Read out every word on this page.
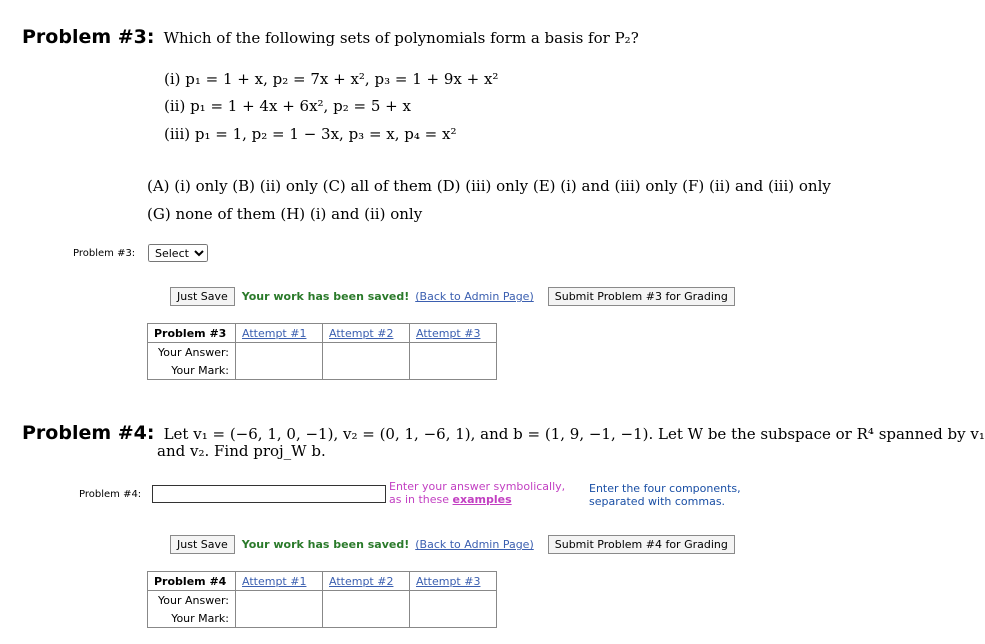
Problem #3: Which of the following sets of polynomials form a basis for P₂?
(i) p₁ = 1 + x, p₂ = 7x + x², p₃ = 1 + 9x + x²
(ii) p₁ = 1 + 4x + 6x², p₂ = 5 + x
(iii) p₁ = 1, p₂ = 1 − 3x, p₃ = x, p₄ = x²
(A) (i) only (B) (ii) only (C) all of them (D) (iii) only (E) (i) and (iii) only (F) (ii) and (iii) only
(G) none of them (H) (i) and (ii) only
Problem #3:
Select
Just Save	Your work has been saved! (Back to Admin Page)	Submit Problem #3 for Grading
Problem #3	Attempt #1	Attempt #2	Attempt #3
Your Answer:			
Your Mark:			
Problem #4: Let v₁ = (−6, 1, 0, −1), v₂ = (0, 1, −6, 1), and b = (1, 9, −1, −1). Let W be the subspace or R⁴ spanned by v₁
and v₂. Find proj_W b.
Problem #4:
Enter your answer symbolically,
as in these examples
Enter the four components,
separated with commas.
Just Save	Your work has been saved! (Back to Admin Page)	Submit Problem #4 for Grading
Problem #4	Attempt #1	Attempt #2	Attempt #3
Your Answer:			
Your Mark:			
